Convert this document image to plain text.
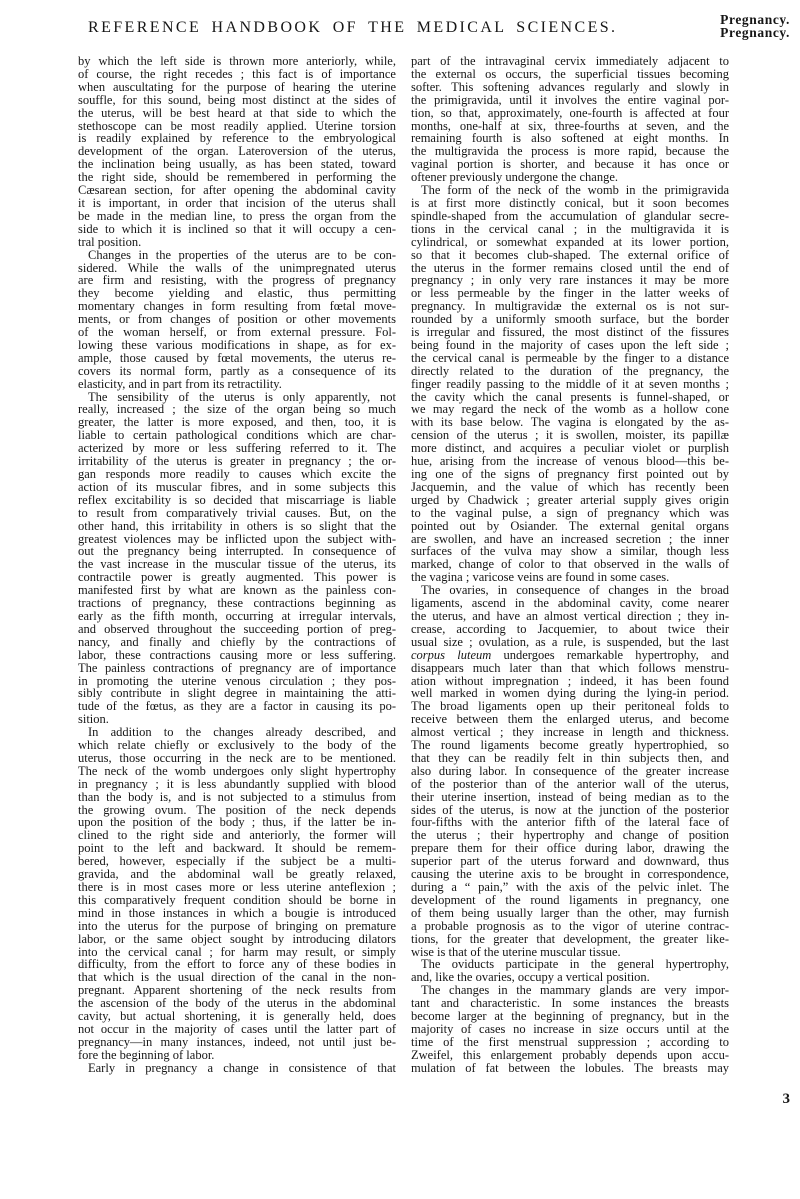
REFERENCE HANDBOOK OF THE MEDICAL SCIENCES.	Pregnancy.
Pregnancy.
by which the left side is thrown more anteriorly, while,
of course, the right recedes ; this fact is of importance
when auscultating for the purpose of hearing the uterine
souffle, for this sound, being most distinct at the sides of
the uterus, will be best heard at that side to which the
stethoscope can be most readily applied. Uterine torsion
is readily explained by reference to the embryological
development of the organ. Lateroversion of the uterus,
the inclination being usually, as has been stated, toward
the right side, should be remembered in performing the
Cæsarean section, for after opening the abdominal cavity
it is important, in order that incision of the uterus shall
be made in the median line, to press the organ from the
side to which it is inclined so that it will occupy a cen-
tral position.
Changes in the properties of the uterus are to be con-
sidered. While the walls of the unimpregnated uterus
are firm and resisting, with the progress of pregnancy
they become yielding and elastic, thus permitting
momentary changes in form resulting from fœtal move-
ments, or from changes of position or other movements
of the woman herself, or from external pressure. Fol-
lowing these various modifications in shape, as for ex-
ample, those caused by fœtal movements, the uterus re-
covers its normal form, partly as a consequence of its
elasticity, and in part from its retractility.
The sensibility of the uterus is only apparently, not
really, increased ; the size of the organ being so much
greater, the latter is more exposed, and then, too, it is
liable to certain pathological conditions which are char-
acterized by more or less suffering referred to it. The
irritability of the uterus is greater in pregnancy ; the or-
gan responds more readily to causes which excite the
action of its muscular fibres, and in some subjects this
reflex excitability is so decided that miscarriage is liable
to result from comparatively trivial causes. But, on the
other hand, this irritability in others is so slight that the
greatest violences may be inflicted upon the subject with-
out the pregnancy being interrupted. In consequence of
the vast increase in the muscular tissue of the uterus, its
contractile power is greatly augmented. This power is
manifested first by what are known as the painless con-
tractions of pregnancy, these contractions beginning as
early as the fifth month, occurring at irregular intervals,
and observed throughout the succeeding portion of preg-
nancy, and finally and chiefly by the contractions of
labor, these contractions causing more or less suffering.
The painless contractions of pregnancy are of importance
in promoting the uterine venous circulation ; they pos-
sibly contribute in slight degree in maintaining the atti-
tude of the fœtus, as they are a factor in causing its po-
sition.
In addition to the changes already described, and
which relate chiefly or exclusively to the body of the
uterus, those occurring in the neck are to be mentioned.
The neck of the womb undergoes only slight hypertrophy
in pregnancy ; it is less abundantly supplied with blood
than the body is, and is not subjected to a stimulus from
the growing ovum. The position of the neck depends
upon the position of the body ; thus, if the latter be in-
clined to the right side and anteriorly, the former will
point to the left and backward. It should be remem-
bered, however, especially if the subject be a multi-
gravida, and the abdominal wall be greatly relaxed,
there is in most cases more or less uterine anteflexion ;
this comparatively frequent condition should be borne in
mind in those instances in which a bougie is introduced
into the uterus for the purpose of bringing on premature
labor, or the same object sought by introducing dilators
into the cervical canal ; for harm may result, or simply
difficulty, from the effort to force any of these bodies in
that which is the usual direction of the canal in the non-
pregnant. Apparent shortening of the neck results from
the ascension of the body of the uterus in the abdominal
cavity, but actual shortening, it is generally held, does
not occur in the majority of cases until the latter part of
pregnancy—in many instances, indeed, not until just be-
fore the beginning of labor.
Early in pregnancy a change in consistence of that
part of the intravaginal cervix immediately adjacent to
the external os occurs, the superficial tissues becoming
softer. This softening advances regularly and slowly in
the primigravida, until it involves the entire vaginal por-
tion, so that, approximately, one-fourth is affected at four
months, one-half at six, three-fourths at seven, and the
remaining fourth is also softened at eight months. In
the multigravida the process is more rapid, because the
vaginal portion is shorter, and because it has once or
oftener previously undergone the change.
The form of the neck of the womb in the primigravida
is at first more distinctly conical, but it soon becomes
spindle-shaped from the accumulation of glandular secre-
tions in the cervical canal ; in the multigravida it is
cylindrical, or somewhat expanded at its lower portion,
so that it becomes club-shaped. The external orifice of
the uterus in the former remains closed until the end of
pregnancy ; in only very rare instances it may be more
or less permeable by the finger in the latter weeks of
pregnancy. In multigravidæ the external os is not sur-
rounded by a uniformly smooth surface, but the border
is irregular and fissured, the most distinct of the fissures
being found in the majority of cases upon the left side ;
the cervical canal is permeable by the finger to a distance
directly related to the duration of the pregnancy, the
finger readily passing to the middle of it at seven months ;
the cavity which the canal presents is funnel-shaped, or
we may regard the neck of the womb as a hollow cone
with its base below. The vagina is elongated by the as-
cension of the uterus ; it is swollen, moister, its papillæ
more distinct, and acquires a peculiar violet or purplish
hue, arising from the increase of venous blood—this be-
ing one of the signs of pregnancy first pointed out by
Jacquemin, and the value of which has recently been
urged by Chadwick ; greater arterial supply gives origin
to the vaginal pulse, a sign of pregnancy which was
pointed out by Osiander. The external genital organs
are swollen, and have an increased secretion ; the inner
surfaces of the vulva may show a similar, though less
marked, change of color to that observed in the walls of
the vagina ; varicose veins are found in some cases.
The ovaries, in consequence of changes in the broad
ligaments, ascend in the abdominal cavity, come nearer
the uterus, and have an almost vertical direction ; they in-
crease, according to Jacquemier, to about twice their
usual size ; ovulation, as a rule, is suspended, but the last
corpus luteum undergoes remarkable hypertrophy, and
disappears much later than that which follows menstru-
ation without impregnation ; indeed, it has been found
well marked in women dying during the lying-in period.
The broad ligaments open up their peritoneal folds to
receive between them the enlarged uterus, and become
almost vertical ; they increase in length and thickness.
The round ligaments become greatly hypertrophied, so
that they can be readily felt in thin subjects then, and
also during labor. In consequence of the greater increase
of the posterior than of the anterior wall of the uterus,
their uterine insertion, instead of being median as to the
sides of the uterus, is now at the junction of the posterior
four-fifths with the anterior fifth of the lateral face of
the uterus ; their hypertrophy and change of position
prepare them for their office during labor, drawing the
superior part of the uterus forward and downward, thus
causing the uterine axis to be brought in correspondence,
during a “ pain,” with the axis of the pelvic inlet. The
development of the round ligaments in pregnancy, one
of them being usually larger than the other, may furnish
a probable prognosis as to the vigor of uterine contrac-
tions, for the greater that development, the greater like-
wise is that of the uterine muscular tissue.
The oviducts participate in the general hypertrophy,
and, like the ovaries, occupy a vertical position.
The changes in the mammary glands are very impor-
tant and characteristic. In some instances the breasts
become larger at the beginning of pregnancy, but in the
majority of cases no increase in size occurs until at the
time of the first menstrual suppression ; according to
Zweifel, this enlargement probably depends upon accu-
mulation of fat between the lobules. The breasts may
3
